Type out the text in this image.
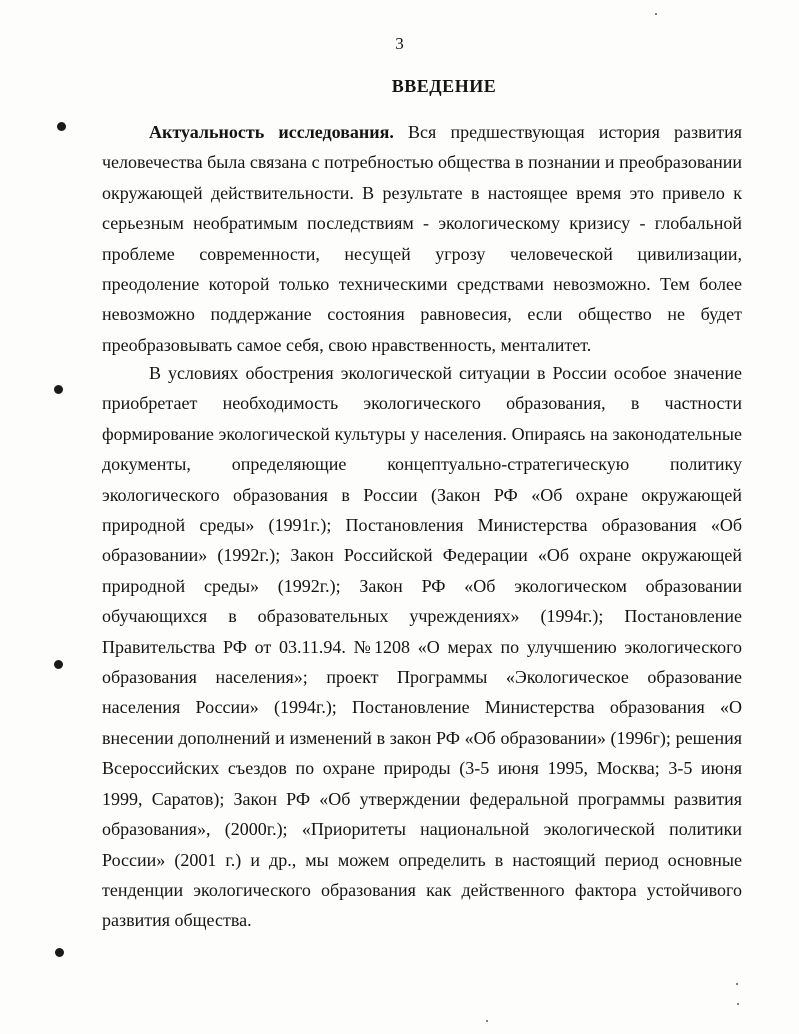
3
ВВЕДЕНИЕ

Актуальность исследования. Вся предшествующая история развития человечества была связана с потребностью общества в познании и преобразовании окружающей действительности. В результате в настоящее время это привело к серьезным необратимым последствиям - экологическому кризису - глобальной проблеме современности, несущей угрозу человеческой цивилизации, преодоление которой только техническими средствами невозможно. Тем более невозможно поддержание состояния равновесия, если общество не будет преобразовывать самое себя, свою нравственность, менталитет.

В условиях обострения экологической ситуации в России особое значение приобретает необходимость экологического образования, в частности формирование экологической культуры у населения. Опираясь на законодательные документы, определяющие концептуально-стратегическую политику экологического образования в России (Закон РФ «Об охране окружающей природной среды» (1991г.); Постановления Министерства образования «Об образовании» (1992г.); Закон Российской Федерации «Об охране окружающей природной среды» (1992г.); Закон РФ «Об экологическом образовании обучающихся в образовательных учреждениях» (1994г.); Постановление Правительства РФ от 03.11.94. №1208 «О мерах по улучшению экологического образования населения»; проект Программы «Экологическое образование населения России» (1994г.); Постановление Министерства образования «О внесении дополнений и изменений в закон РФ «Об образовании» (1996г); решения Всероссийских съездов по охране природы (3-5 июня 1995, Москва; 3-5 июня 1999, Саратов); Закон РФ «Об утверждении федеральной программы развития образования», (2000г.); «Приоритеты национальной экологической политики России» (2001 г.) и др., мы можем определить в настоящий период основные тенденции экологического образования как действенного фактора устойчивого развития общества.
